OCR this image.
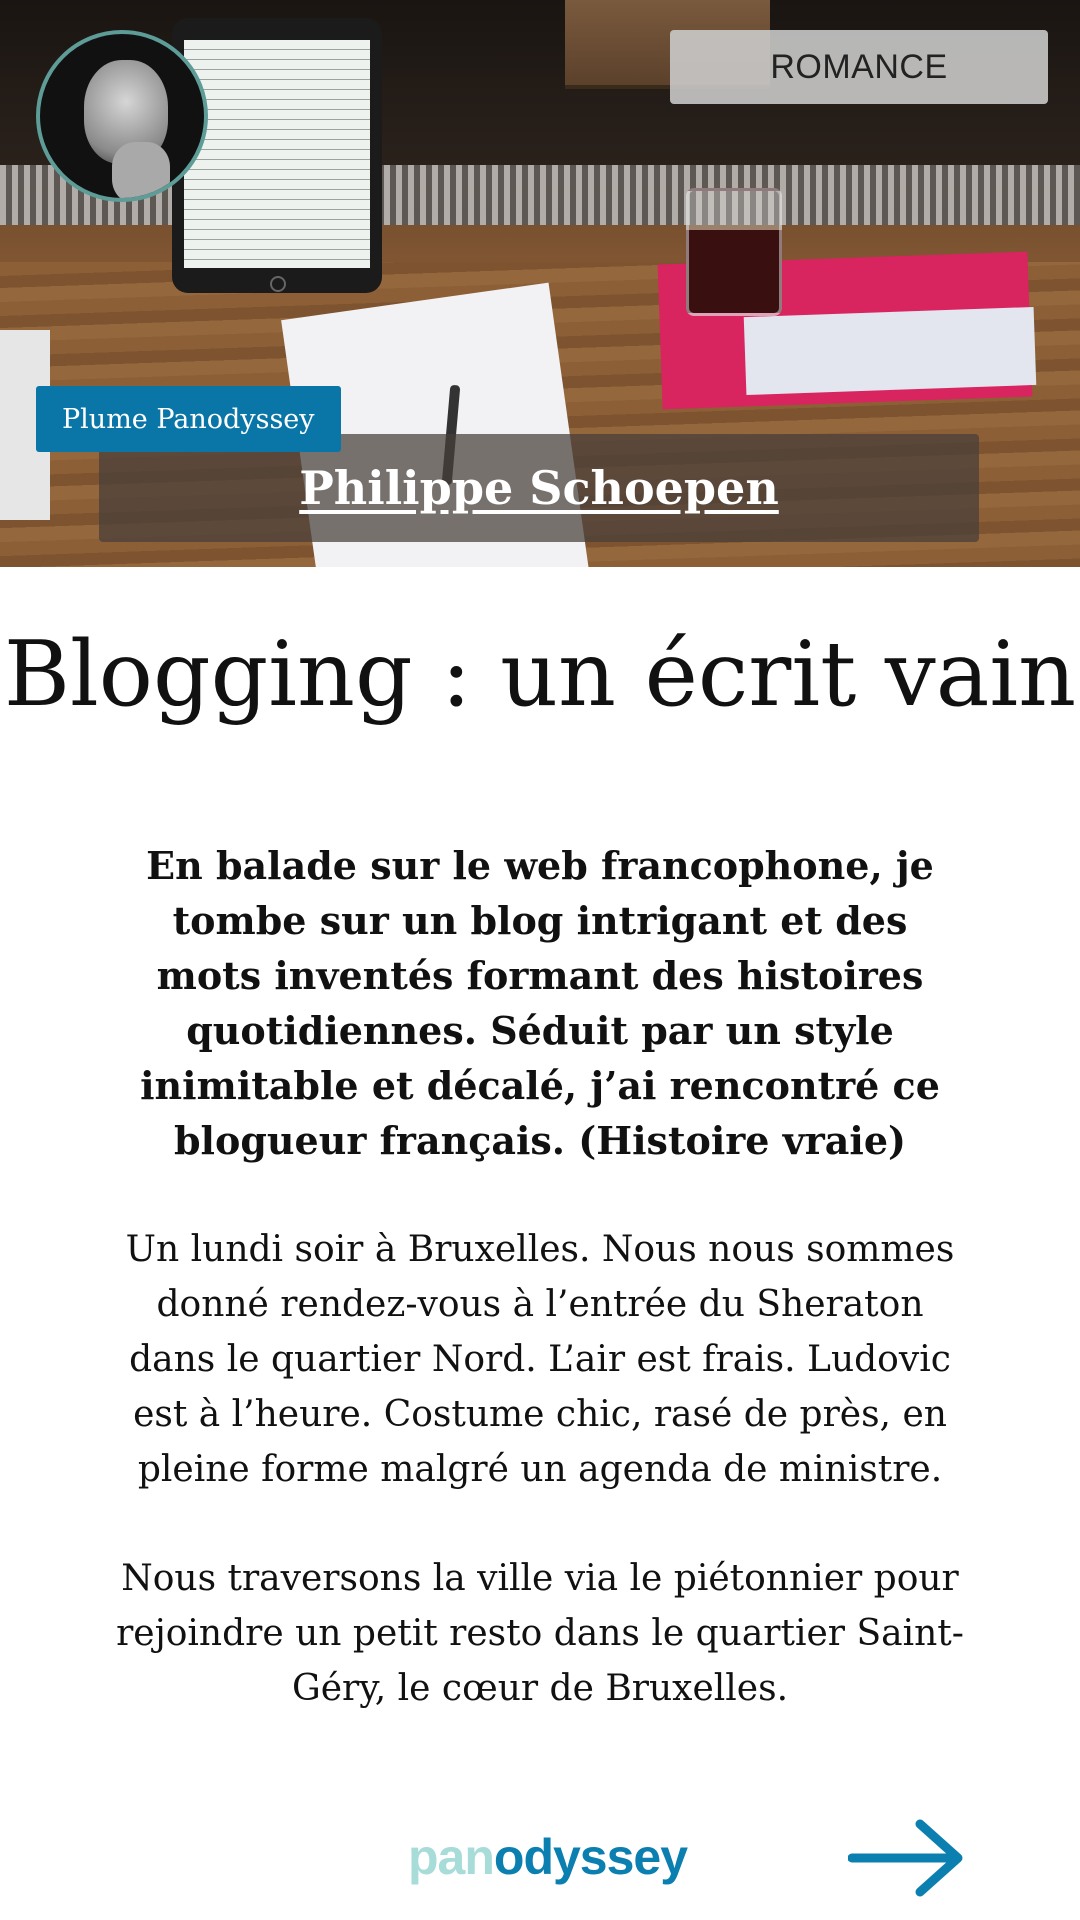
ROMANCE
Philippe Schoepen
Plume Panodyssey
Blogging : un écrit vain

En balade sur le web francophone, je tombe sur un blog intrigant et des mots inventés formant des histoires quotidiennes. Séduit par un style inimitable et décalé, j’ai rencontré ce blogueur français. (Histoire vraie)

Un lundi soir à Bruxelles. Nous nous sommes donné rendez-vous à l’entrée du Sheraton dans le quartier Nord. L’air est frais. Ludovic est à l’heure. Costume chic, rasé de près, en pleine forme malgré un agenda de ministre.

Nous traversons la ville via le piétonnier pour rejoindre un petit resto dans le quartier Saint-Géry, le cœur de Bruxelles.

panodyssey
